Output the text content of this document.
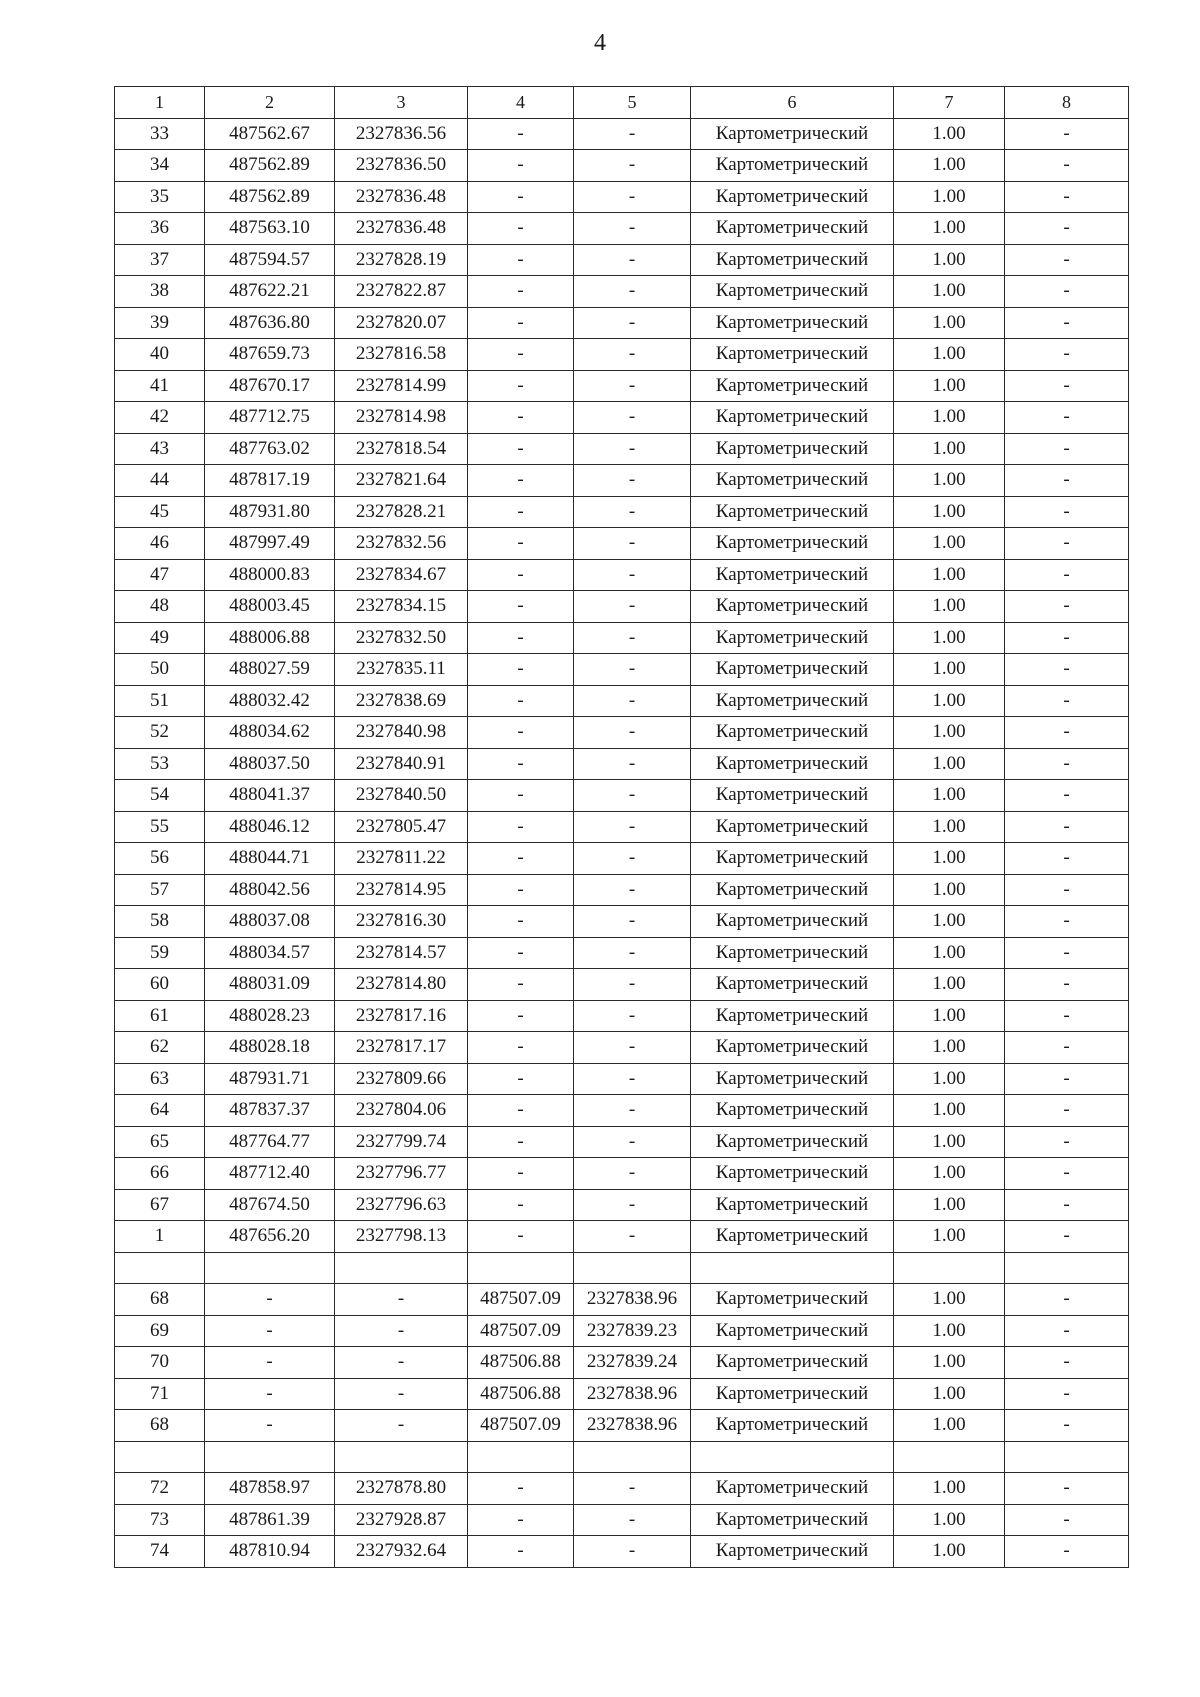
4
1	2	3	4	5	6	7	8
33	487562.67	2327836.56	-	-	Картометрический	1.00	-
34	487562.89	2327836.50	-	-	Картометрический	1.00	-
35	487562.89	2327836.48	-	-	Картометрический	1.00	-
36	487563.10	2327836.48	-	-	Картометрический	1.00	-
37	487594.57	2327828.19	-	-	Картометрический	1.00	-
38	487622.21	2327822.87	-	-	Картометрический	1.00	-
39	487636.80	2327820.07	-	-	Картометрический	1.00	-
40	487659.73	2327816.58	-	-	Картометрический	1.00	-
41	487670.17	2327814.99	-	-	Картометрический	1.00	-
42	487712.75	2327814.98	-	-	Картометрический	1.00	-
43	487763.02	2327818.54	-	-	Картометрический	1.00	-
44	487817.19	2327821.64	-	-	Картометрический	1.00	-
45	487931.80	2327828.21	-	-	Картометрический	1.00	-
46	487997.49	2327832.56	-	-	Картометрический	1.00	-
47	488000.83	2327834.67	-	-	Картометрический	1.00	-
48	488003.45	2327834.15	-	-	Картометрический	1.00	-
49	488006.88	2327832.50	-	-	Картометрический	1.00	-
50	488027.59	2327835.11	-	-	Картометрический	1.00	-
51	488032.42	2327838.69	-	-	Картометрический	1.00	-
52	488034.62	2327840.98	-	-	Картометрический	1.00	-
53	488037.50	2327840.91	-	-	Картометрический	1.00	-
54	488041.37	2327840.50	-	-	Картометрический	1.00	-
55	488046.12	2327805.47	-	-	Картометрический	1.00	-
56	488044.71	2327811.22	-	-	Картометрический	1.00	-
57	488042.56	2327814.95	-	-	Картометрический	1.00	-
58	488037.08	2327816.30	-	-	Картометрический	1.00	-
59	488034.57	2327814.57	-	-	Картометрический	1.00	-
60	488031.09	2327814.80	-	-	Картометрический	1.00	-
61	488028.23	2327817.16	-	-	Картометрический	1.00	-
62	488028.18	2327817.17	-	-	Картометрический	1.00	-
63	487931.71	2327809.66	-	-	Картометрический	1.00	-
64	487837.37	2327804.06	-	-	Картометрический	1.00	-
65	487764.77	2327799.74	-	-	Картометрический	1.00	-
66	487712.40	2327796.77	-	-	Картометрический	1.00	-
67	487674.50	2327796.63	-	-	Картометрический	1.00	-
1	487656.20	2327798.13	-	-	Картометрический	1.00	-

68	-	-	487507.09	2327838.96	Картометрический	1.00	-
69	-	-	487507.09	2327839.23	Картометрический	1.00	-
70	-	-	487506.88	2327839.24	Картометрический	1.00	-
71	-	-	487506.88	2327838.96	Картометрический	1.00	-
68	-	-	487507.09	2327838.96	Картометрический	1.00	-

72	487858.97	2327878.80	-	-	Картометрический	1.00	-
73	487861.39	2327928.87	-	-	Картометрический	1.00	-
74	487810.94	2327932.64	-	-	Картометрический	1.00	-
